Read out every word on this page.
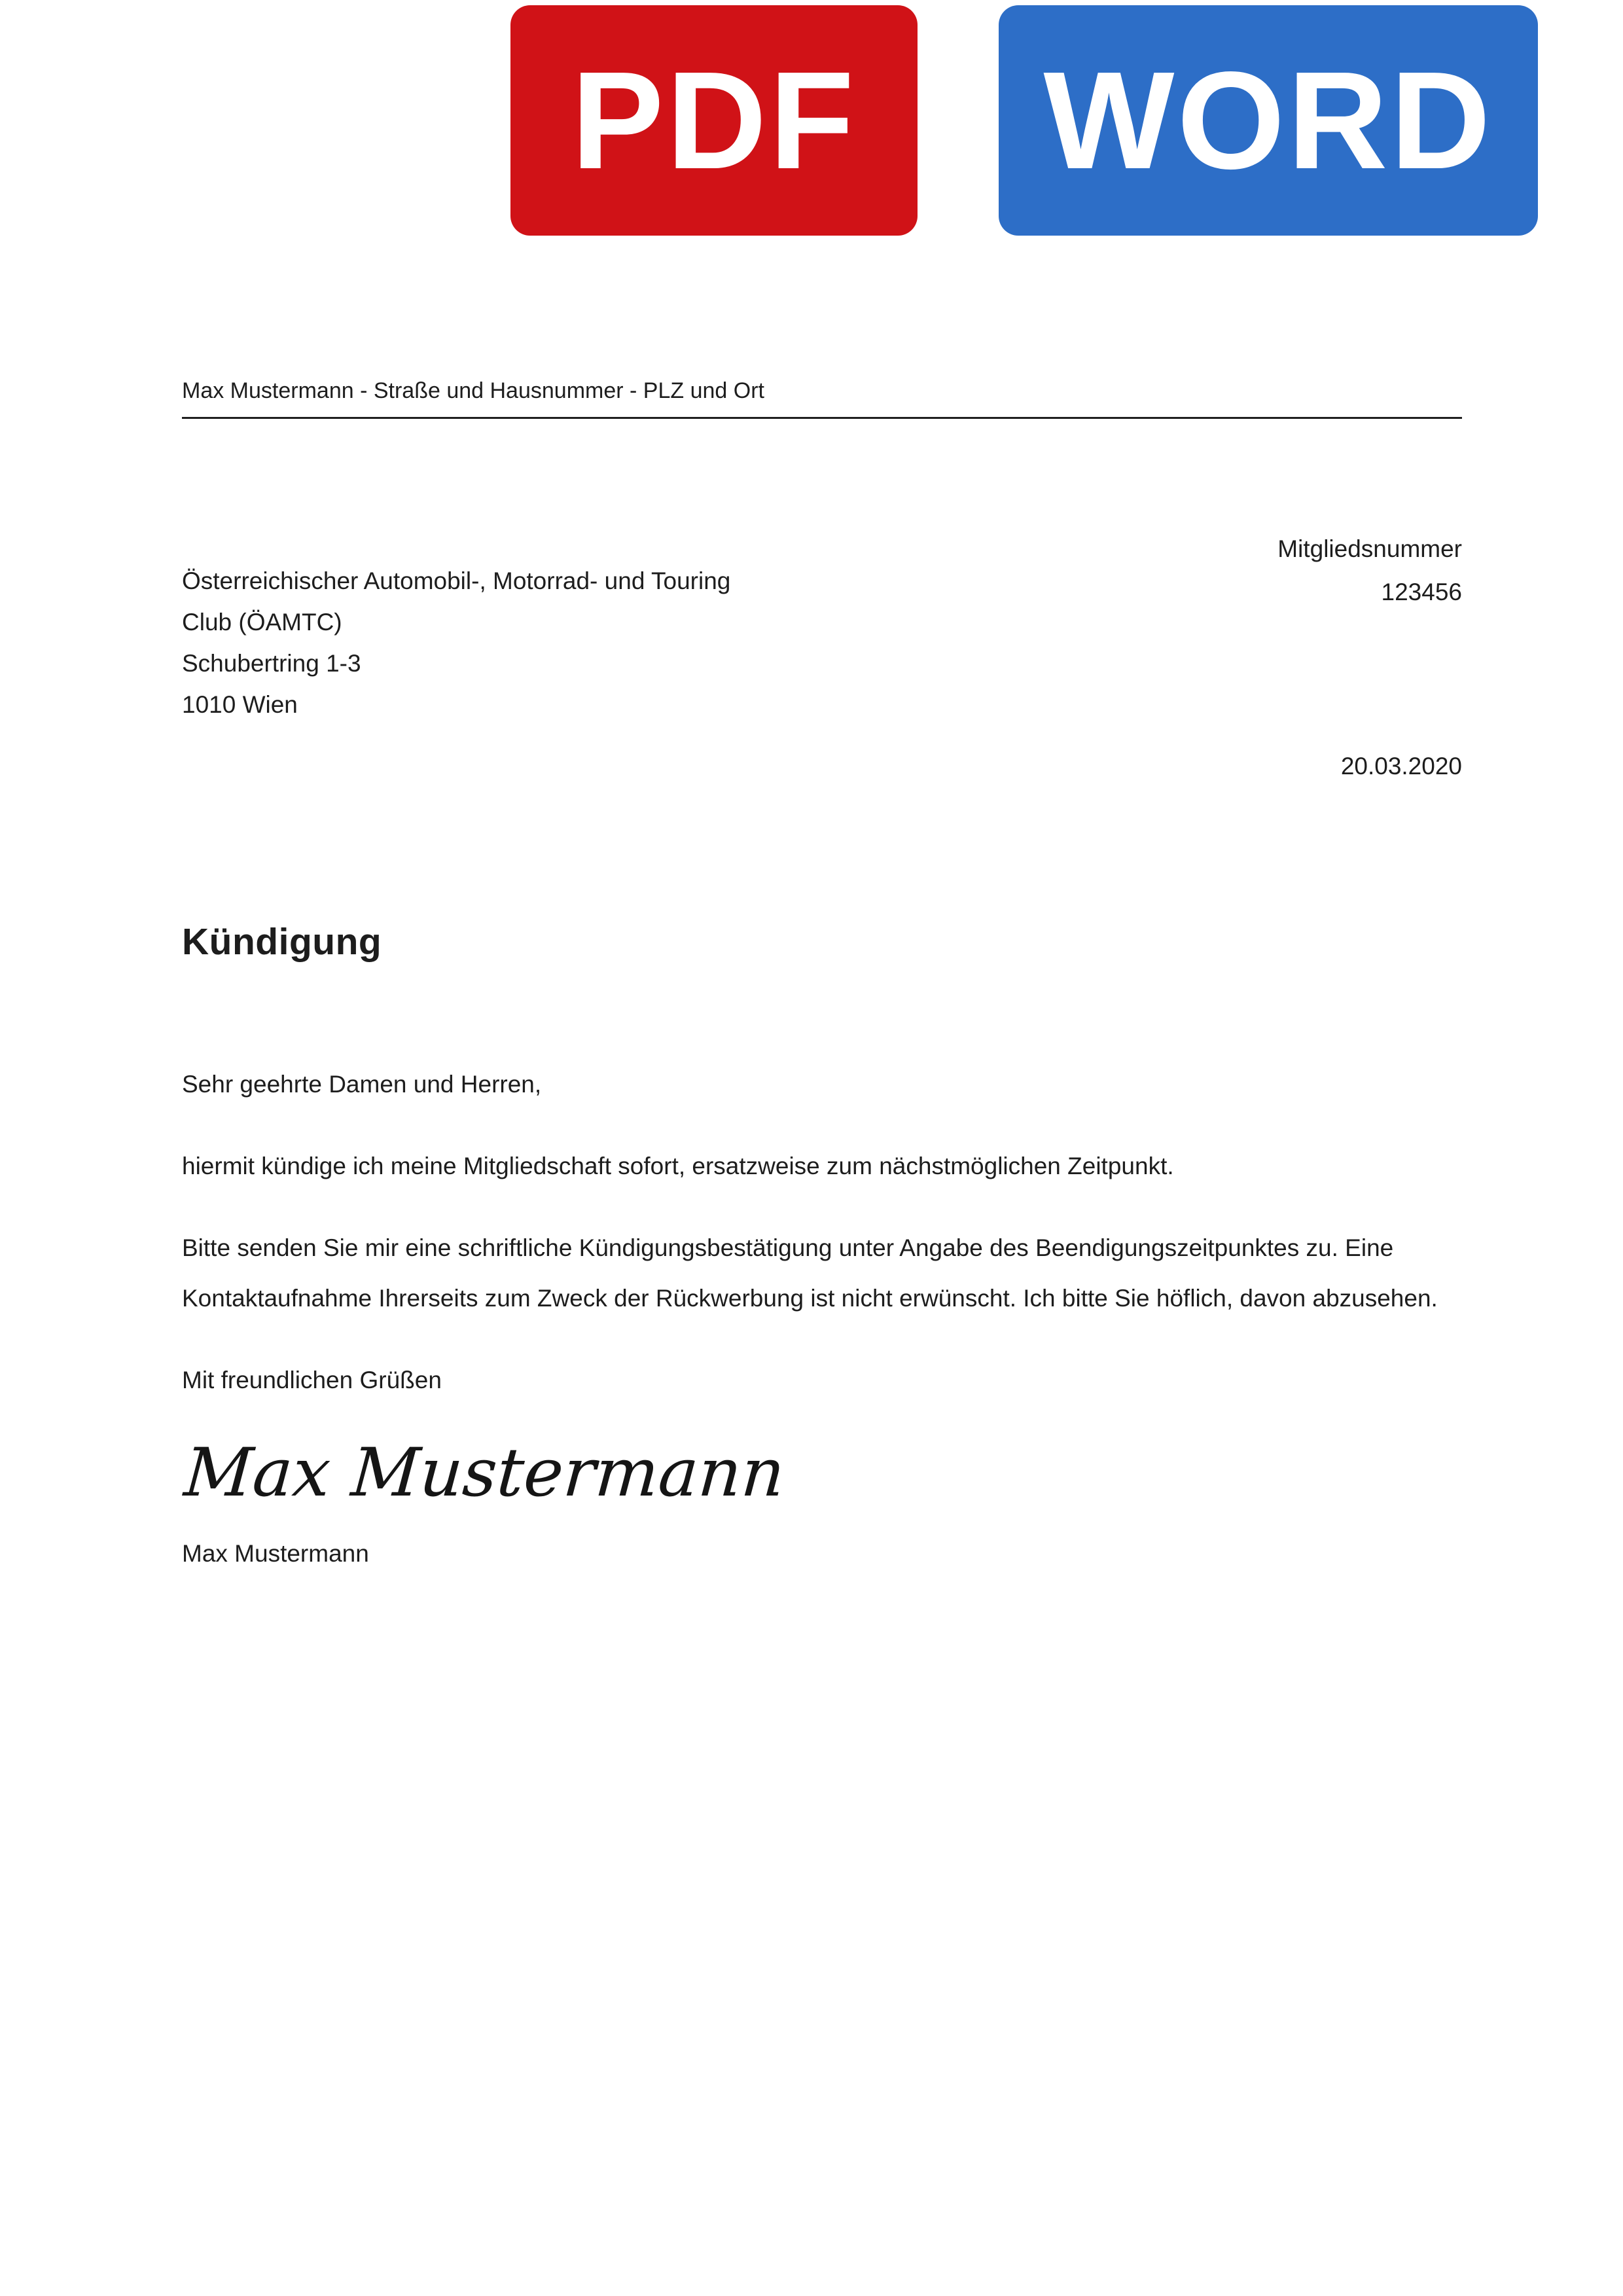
PDF	WORD
Max Mustermann - Straße und Hausnummer - PLZ und Ort
Mitgliedsnummer
123456
Österreichischer Automobil-, Motorrad- und Touring
Club (ÖAMTC)
Schubertring 1-3
1010 Wien
20.03.2020
Kündigung

Sehr geehrte Damen und Herren,

hiermit kündige ich meine Mitgliedschaft sofort, ersatzweise zum nächstmöglichen Zeitpunkt.

Bitte senden Sie mir eine schriftliche Kündigungsbestätigung unter Angabe des Beendigungszeitpunktes zu. Eine Kontaktaufnahme Ihrerseits zum Zweck der Rückwerbung ist nicht erwünscht. Ich bitte Sie höflich, davon abzusehen.

Mit freundlichen Grüßen

Max Mustermann
Max Mustermann
